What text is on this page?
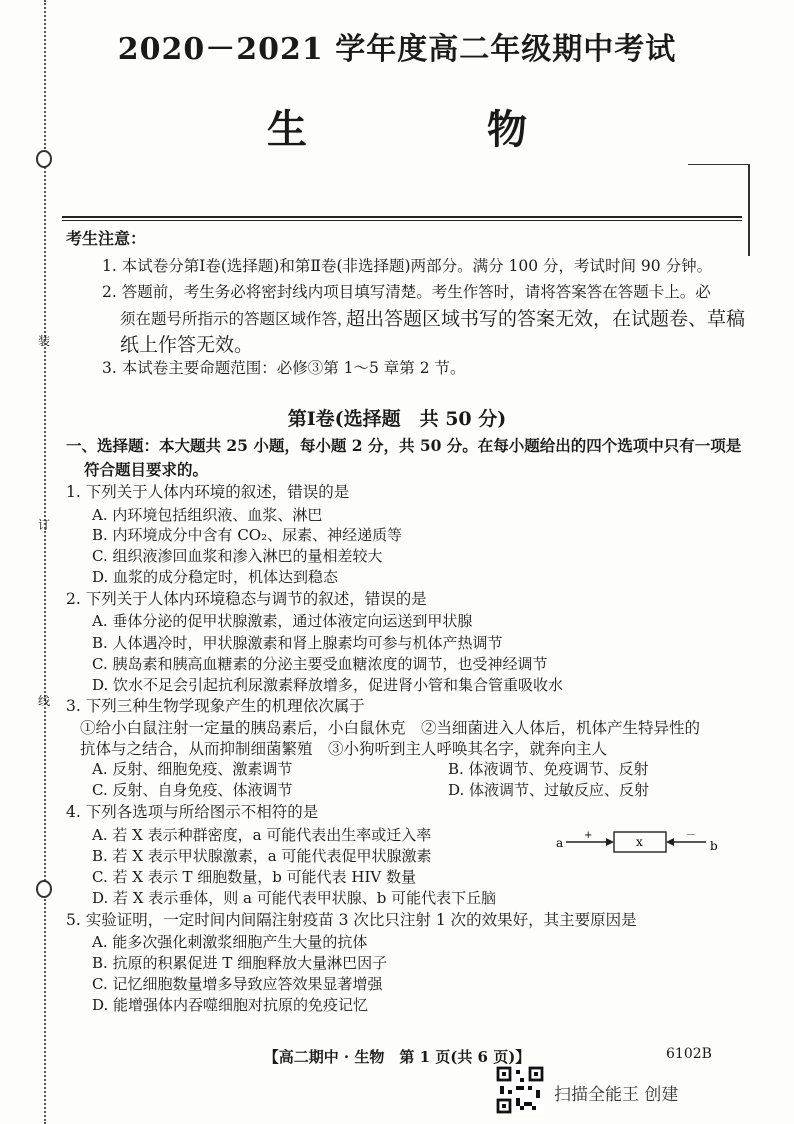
装
订
线
2020－2021 学年度高二年级期中考试
生　物
考生注意：
1. 本试卷分第Ⅰ卷(选择题)和第Ⅱ卷(非选择题)两部分。满分 100 分，考试时间 90 分钟。
2. 答题前，考生务必将密封线内项目填写清楚。考生作答时，请将答案答在答题卡上。必
须在题号所指示的答题区域作答，
超出答题区域书写的答案无效，在试题卷、草稿
纸上作答无效。
3. 本试卷主要命题范围：必修③第 1～5 章第 2 节。
第Ⅰ卷(选择题　共 50 分)
一、选择题：本大题共 25 小题，每小题 2 分，共 50 分。在每小题给出的四个选项中只有一项是
符合题目要求的。
1. 下列关于人体内环境的叙述，错误的是
A. 内环境包括组织液、血浆、淋巴
B. 内环境成分中含有 CO₂、尿素、神经递质等
C. 组织液渗回血浆和渗入淋巴的量相差较大
D. 血浆的成分稳定时，机体达到稳态
2. 下列关于人体内环境稳态与调节的叙述，错误的是
A. 垂体分泌的促甲状腺激素，通过体液定向运送到甲状腺
B. 人体遇冷时，甲状腺激素和肾上腺素均可参与机体产热调节
C. 胰岛素和胰高血糖素的分泌主要受血糖浓度的调节，也受神经调节
D. 饮水不足会引起抗利尿激素释放增多，促进肾小管和集合管重吸收水
3. 下列三种生物学现象产生的机理依次属于
①给小白鼠注射一定量的胰岛素后，小白鼠休克　②当细菌进入人体后，机体产生特异性的
抗体与之结合，从而抑制细菌繁殖　③小狗听到主人呼唤其名字，就奔向主人
A. 反射、细胞免疫、激素调节	B. 体液调节、免疫调节、反射
C. 反射、自身免疫、体液调节	D. 体液调节、过敏反应、反射
4. 下列各选项与所给图示不相符的是
A. 若 X 表示种群密度，a 可能代表出生率或迁入率
B. 若 X 表示甲状腺激素，a 可能代表促甲状腺激素
C. 若 X 表示 T 细胞数量，b 可能代表 HIV 数量
D. 若 X 表示垂体，则 a 可能代表甲状腺、b 可能代表下丘脑
a
+	x	－
b
5. 实验证明，一定时间内间隔注射疫苗 3 次比只注射 1 次的效果好，其主要原因是
A. 能多次强化刺激浆细胞产生大量的抗体
B. 抗原的积累促进 T 细胞释放大量淋巴因子
C. 记忆细胞数量增多导致应答效果显著增强
D. 能增强体内吞噬细胞对抗原的免疫记忆
【高二期中 · 生物　第 1 页(共 6 页)】	6102B
扫描全能王 创建
